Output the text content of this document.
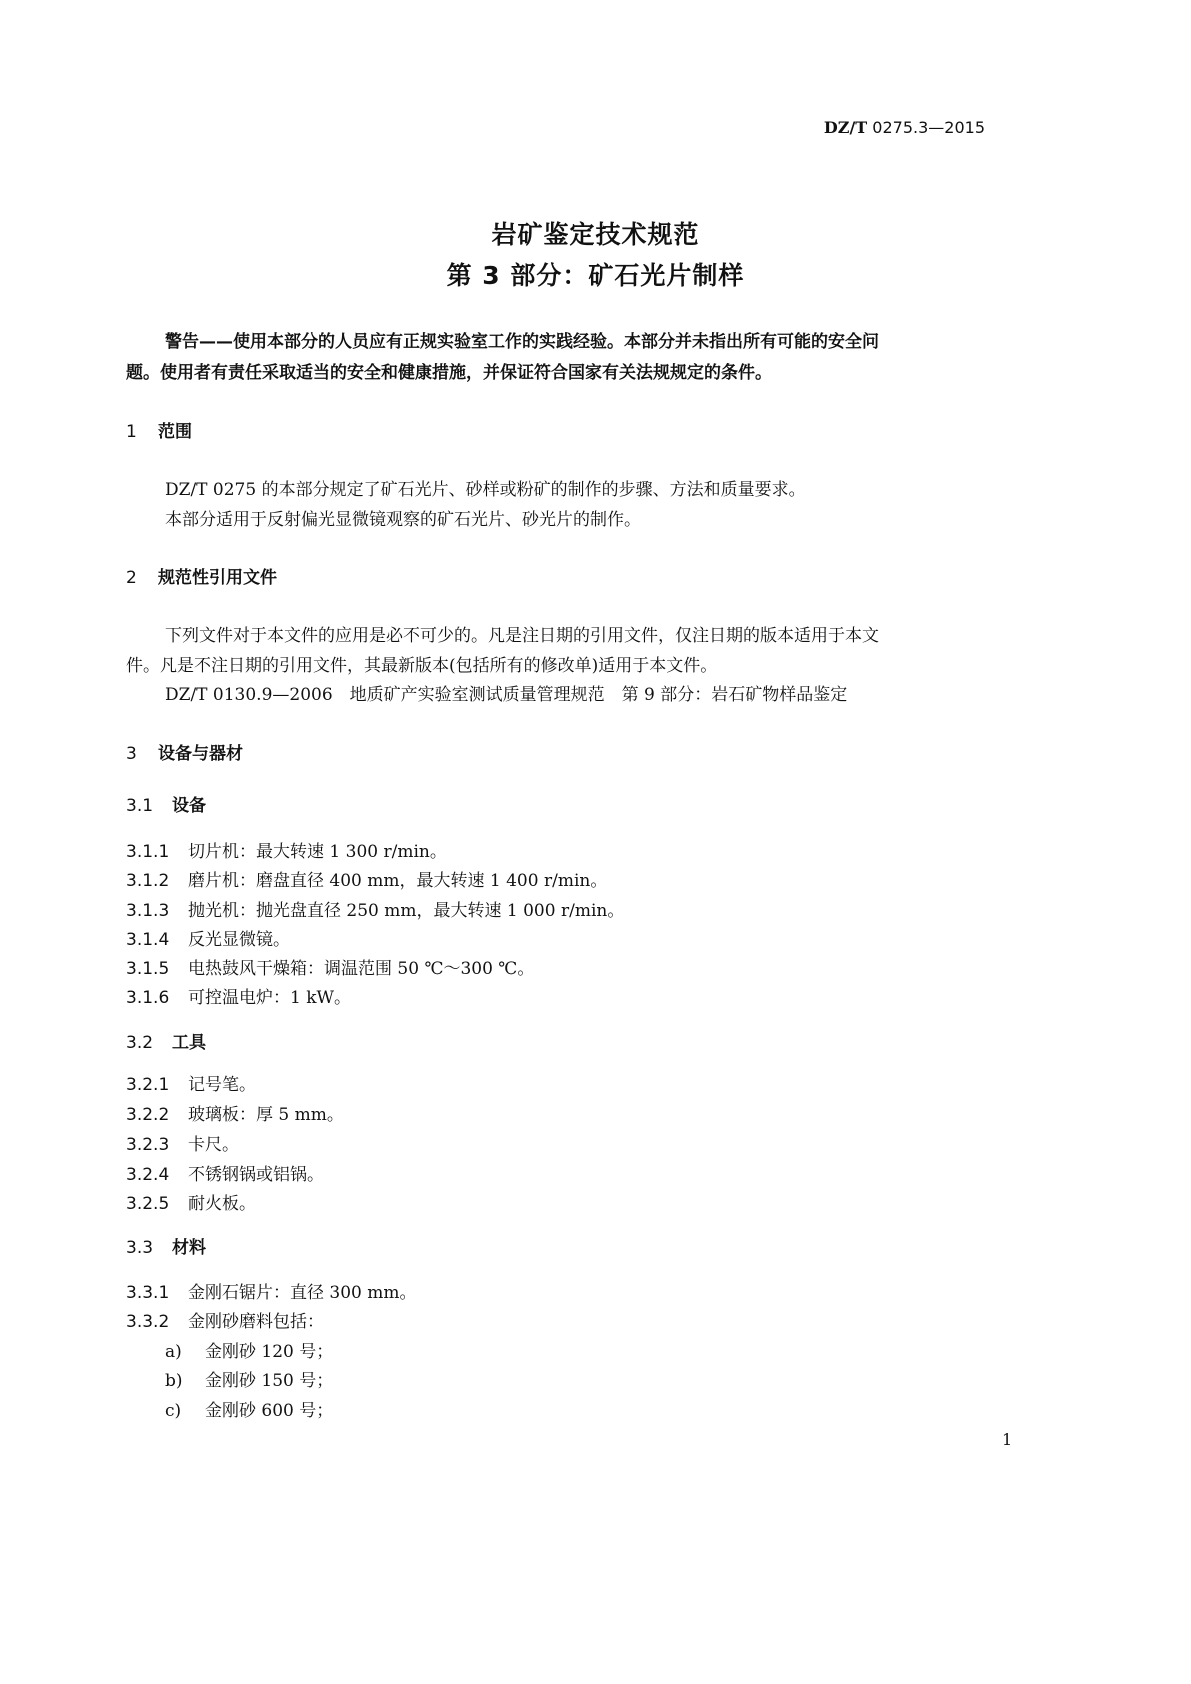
DZ/T 0275.3—2015
岩矿鉴定技术规范
第 3 部分：矿石光片制样
警告——使用本部分的人员应有正规实验室工作的实践经验。本部分并未指出所有可能的安全问
题。使用者有责任采取适当的安全和健康措施，并保证符合国家有关法规规定的条件。
1 范围
DZ/T 0275 的本部分规定了矿石光片、砂样或粉矿的制作的步骤、方法和质量要求。
本部分适用于反射偏光显微镜观察的矿石光片、砂光片的制作。
2 规范性引用文件
下列文件对于本文件的应用是必不可少的。凡是注日期的引用文件，仅注日期的版本适用于本文
件。凡是不注日期的引用文件，其最新版本(包括所有的修改单)适用于本文件。
DZ/T 0130.9—2006　地质矿产实验室测试质量管理规范　第 9 部分：岩石矿物样品鉴定
3 设备与器材
3.1 设备
3.1.1 切片机：最大转速 1 300 r/min。
3.1.2 磨片机：磨盘直径 400 mm，最大转速 1 400 r/min。
3.1.3 抛光机：抛光盘直径 250 mm，最大转速 1 000 r/min。
3.1.4 反光显微镜。
3.1.5 电热鼓风干燥箱：调温范围 50 ℃～300 ℃。
3.1.6 可控温电炉：1 kW。
3.2 工具
3.2.1 记号笔。
3.2.2 玻璃板：厚 5 mm。
3.2.3 卡尺。
3.2.4 不锈钢锅或铝锅。
3.2.5 耐火板。
3.3 材料
3.3.1 金刚石锯片：直径 300 mm。
3.3.2 金刚砂磨料包括：
a) 金刚砂 120 号；
b) 金刚砂 150 号；
c) 金刚砂 600 号；
1
